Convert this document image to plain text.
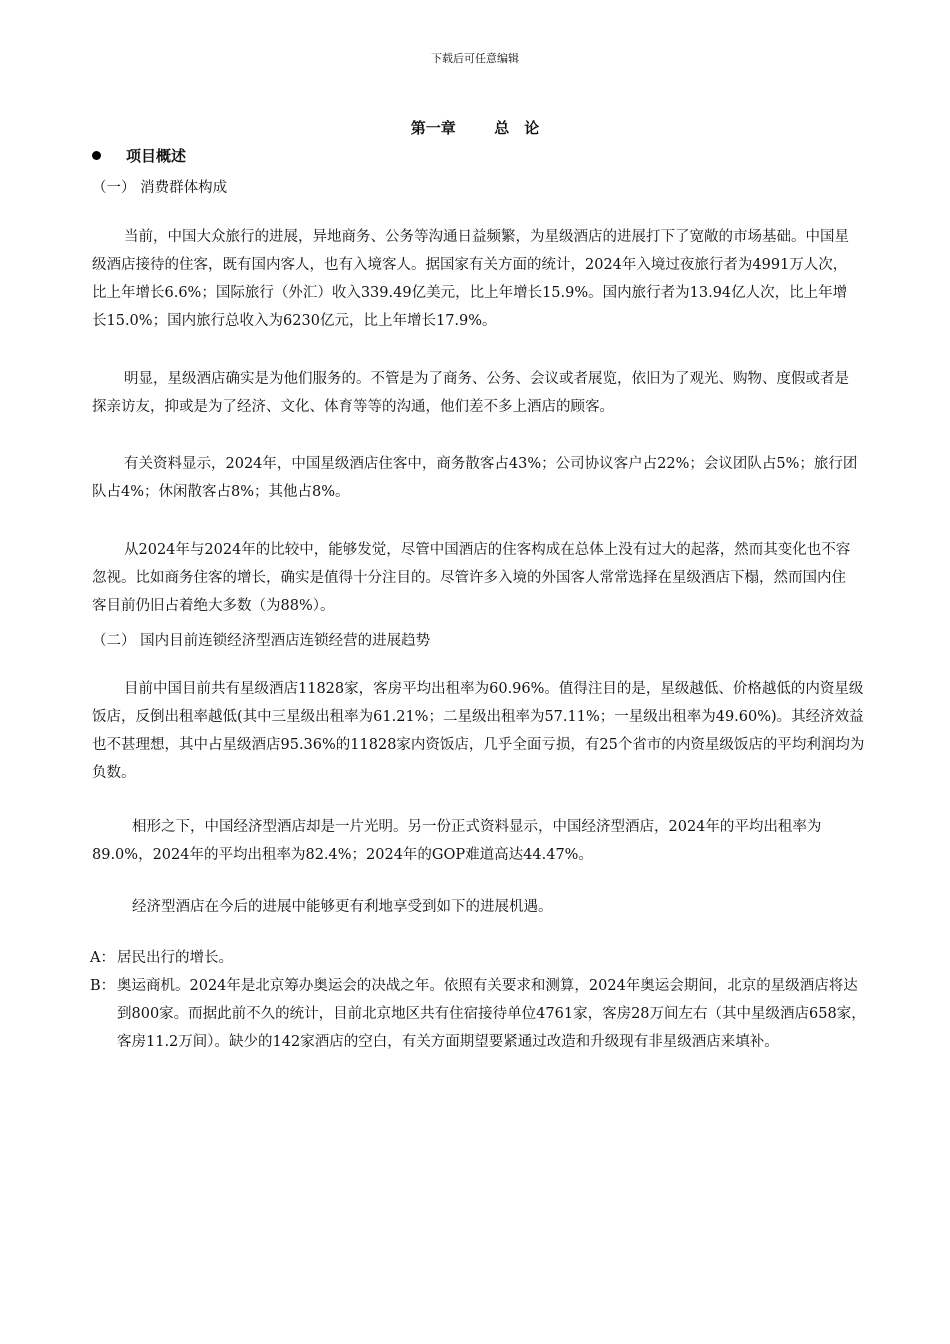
下载后可任意编辑
第一章	总　论
项目概述
（一） 消费群体构成

当前，中国大众旅行的进展，异地商务、公务等沟通日益频繁，为星级酒店的进展打下了宽敞的市场基础。中国星级酒店接待的住客，既有国内客人，也有入境客人。据国家有关方面的统计，2024年入境过夜旅行者为4991万人次，比上年增长6.6%；国际旅行（外汇）收入339.49亿美元，比上年增长15.9%。国内旅行者为13.94亿人次，比上年增长15.0%；国内旅行总收入为6230亿元，比上年增长17.9%。

明显，星级酒店确实是为他们服务的。不管是为了商务、公务、会议或者展览，依旧为了观光、购物、度假或者是探亲访友，抑或是为了经济、文化、体育等等的沟通，他们差不多上酒店的顾客。

有关资料显示，2024年，中国星级酒店住客中，商务散客占43%；公司协议客户占22%；会议团队占5%；旅行团队占4%；休闲散客占8%；其他占8%。

从2024年与2024年的比较中，能够发觉，尽管中国酒店的住客构成在总体上没有过大的起落，然而其变化也不容忽视。比如商务住客的增长，确实是值得十分注目的。尽管许多入境的外国客人常常选择在星级酒店下榻，然而国内住客目前仍旧占着绝大多数（为88%）。

（二） 国内目前连锁经济型酒店连锁经营的进展趋势

目前中国目前共有星级酒店11828家，客房平均出租率为60.96%。值得注目的是，星级越低、价格越低的内资星级饭店，反倒出租率越低(其中三星级出租率为61.21%；二星级出租率为57.11%；一星级出租率为49.60%)。其经济效益也不甚理想，其中占星级酒店95.36%的11828家内资饭店，几乎全面亏损，有25个省市的内资星级饭店的平均利润均为负数。

相形之下，中国经济型酒店却是一片光明。另一份正式资料显示，中国经济型酒店，2024年的平均出租率为89.0%，2024年的平均出租率为82.4%；2024年的GOP难道高达44.47%。

经济型酒店在今后的进展中能够更有利地享受到如下的进展机遇。

A： 居民出行的增长。
B： 奥运商机。2024年是北京筹办奥运会的决战之年。依照有关要求和测算，2024年奥运会期间，北京的星级酒店将达到800家。而据此前不久的统计，目前北京地区共有住宿接待单位4761家，客房28万间左右（其中星级酒店658家，客房11.2万间）。缺少的142家酒店的空白，有关方面期望要紧通过改造和升级现有非星级酒店来填补。
